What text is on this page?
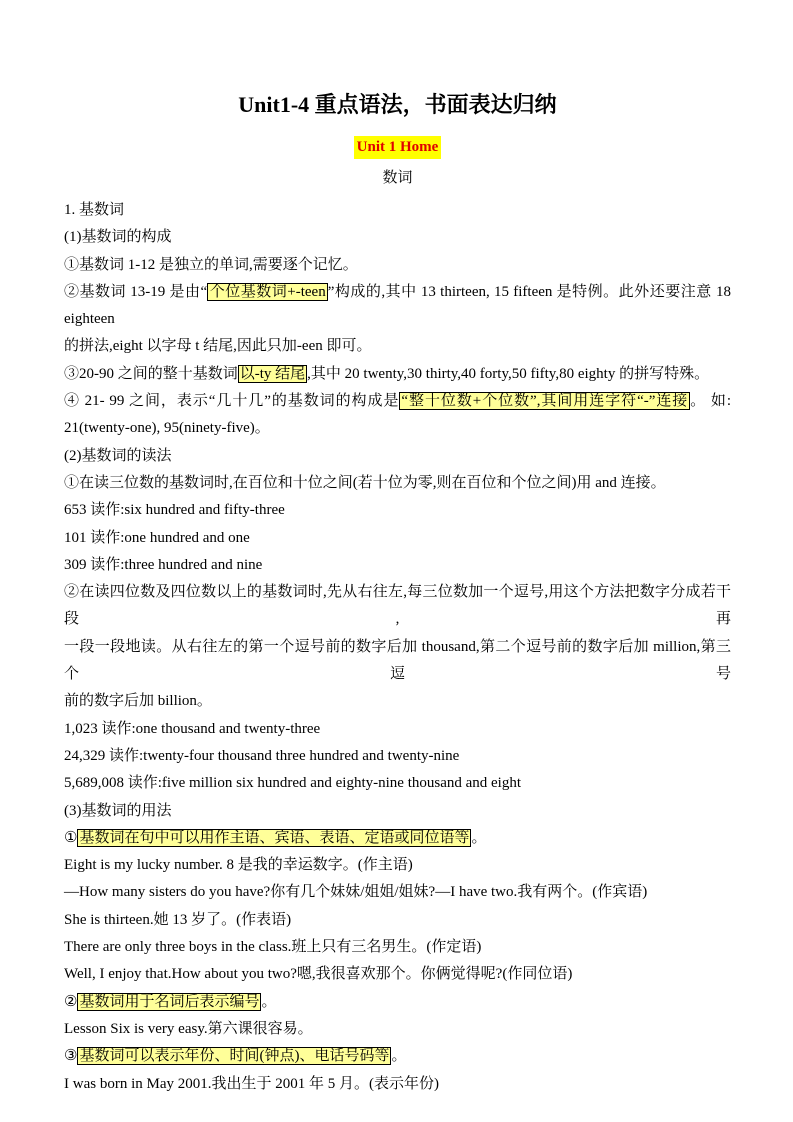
Unit1-4 重点语法，书面表达归纳
Unit 1 Home
数词
1. 基数词
(1)基数词的构成
①基数词 1-12 是独立的单词,需要逐个记忆。
②基数词 13-19 是由“ 个位基数词+-teen ”构成的,其中 13 thirteen, 15 fifteen 是特例。此外还要注意 18 eighteen
的拼法,eight 以字母 t 结尾,因此只加-een 即可。
③20-90 之间的整十基数词 以-ty 结尾 ,其中 20 twenty,30 thirty,40 forty,50 fifty,80 eighty 的拼写特殊。
④ 21- 99 之间，表示“几十几”的基数词的构成是 “整十位数+个位数”,其间用连字符“-”连接 。 如:
21(twenty-one), 95(ninety-five)。
(2)基数词的读法
①在读三位数的基数词时,在百位和十位之间(若十位为零,则在百位和个位之间)用 and 连接。
653 读作:six hundred and fifty-three
101 读作:one hundred and one
309 读作:three hundred and nine
②在读四位数及四位数以上的基数词时,先从右往左,每三位数加一个逗号,用这个方法把数字分成若干段,再
一段一段地读。从右往左的第一个逗号前的数字后加 thousand,第二个逗号前的数字后加 million,第三个逗号
前的数字后加 billion。
1,023 读作:one thousand and twenty-three
24,329 读作:twenty-four thousand three hundred and twenty-nine
5,689,008 读作:five million six hundred and eighty-nine thousand and eight
(3)基数词的用法
① 基数词在句中可以用作主语、宾语、表语、定语或同位语等 。
Eight is my lucky number. 8 是我的幸运数字。(作主语)
—How many sisters do you have?你有几个妹妹/姐姐/姐妹?—I have two.我有两个。(作宾语)
She is thirteen.她 13 岁了。(作表语)
There are only three boys in the class.班上只有三名男生。(作定语)
Well, I enjoy that.How about you two?嗯,我很喜欢那个。你俩觉得呢?(作同位语)
② 基数词用于名词后表示编号 。
Lesson Six is very easy.第六课很容易。
③ 基数词可以表示年份、时间(钟点)、电话号码等 。
I was born in May 2001.我出生于 2001 年 5 月。(表示年份)
